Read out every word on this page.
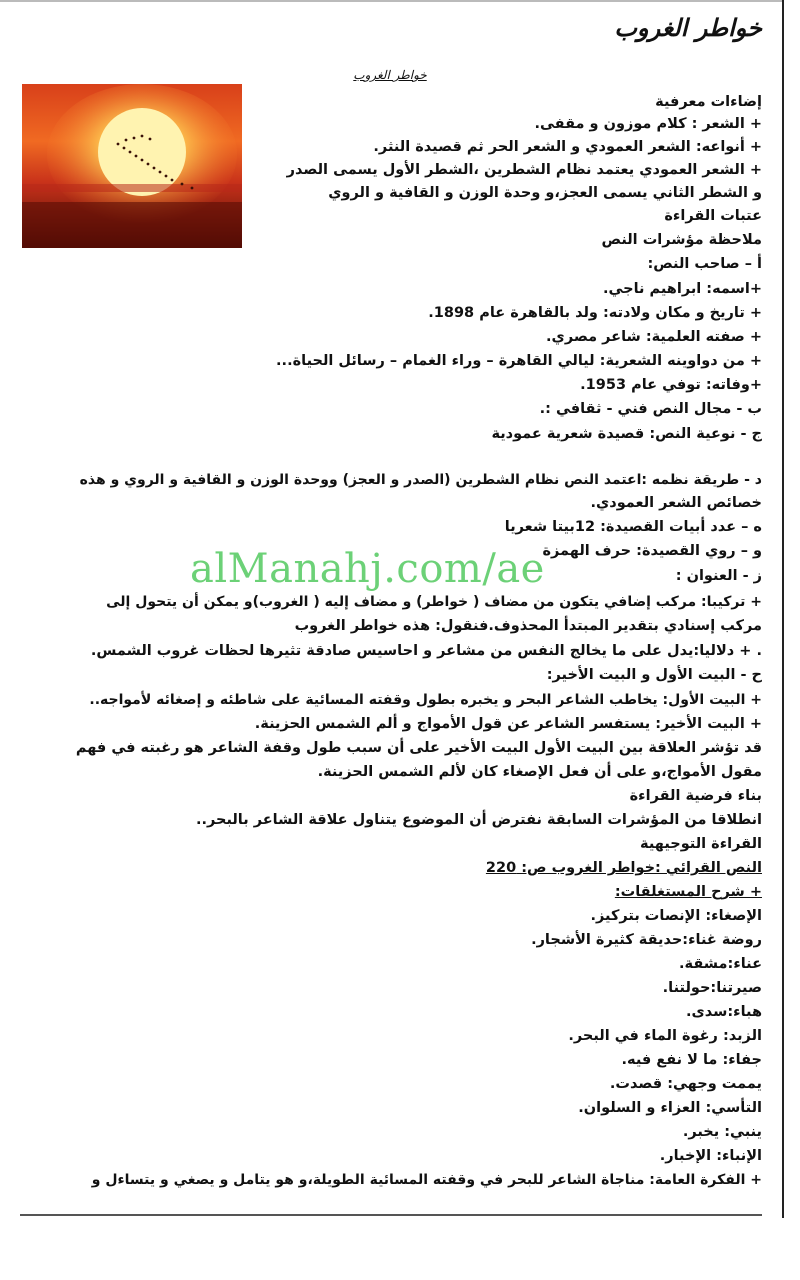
خواطر الغروب
خواطر الغروب
إضاءات معرفية
+ الشعر : كلام موزون و مقفى.
+ أنواعه: الشعر العمودي و الشعر الحر ثم قصيدة النثر.
+ الشعر العمودي يعتمد نظام الشطرين ،الشطر الأول يسمى الصدر
و الشطر الثاني يسمى العجز،و وحدة الوزن و القافية و الروي
عتبات القراءة
ملاحظة مؤشرات النص
أ – صاحب النص:
+اسمه: ابراهيم ناجي.
+ تاريخ و مكان ولادته: ولد بالقاهرة عام 1898.
+ صفته العلمية: شاعر مصري.
+ من دواوينه الشعرية: ليالي القاهرة – وراء الغمام – رسائل الحياة...
+وفاته: توفي عام 1953.
ب - مجال النص فني - ثقافي :.
ج - نوعية النص: قصيدة شعرية عمودية
د - طريقة نظمه :اعتمد النص نظام الشطرين (الصدر و العجز) ووحدة الوزن و القافية و الروي و هذه
خصائص الشعر العمودي.
ه – عدد أبيات القصيدة: 12بيتا شعريا
و – روي القصيدة: حرف الهمزة
ز - العنوان :
+ تركيبا: مركب إضافي يتكون من مضاف ( خواطر) و مضاف إليه ( الغروب)و يمكن أن يتحول إلى
مركب إسنادي بتقدير المبتدأ المحذوف.فنقول: هذه خواطر الغروب
. + دلاليا:يدل على ما يخالج النفس من مشاعر و احاسيس صادقة تثيرها لحظات غروب الشمس.
ح - البيت الأول و البيت الأخير:
+ البيت الأول: يخاطب الشاعر البحر و يخبره بطول وقفته المسائية على شاطئه و إصغائه لأمواجه..
+ البيت الأخير: يستفسر الشاعر عن قول الأمواج و ألم الشمس الحزينة.
قد تؤشر العلاقة بين البيت الأول البيت الأخير على أن سبب طول وقفة الشاعر هو رغبته في فهم
مقول الأمواج،و على أن فعل الإصغاء كان لألم الشمس الحزينة.
بناء فرضية القراءة
انطلاقا من المؤشرات السابقة نفترض أن الموضوع يتناول علاقة الشاعر بالبحر..
القراءة التوجيهية
النص القرائي :خواطر الغروب ص: 220
+ شرح المستغلقات:
الإصغاء: الإنصات بتركيز.
روضة غناء:حديقة كثيرة الأشجار.
عناء:مشقة.
صيرتنا:حولتنا.
هباء:سدى.
الزبد: رغوة الماء في البحر.
جفاء: ما لا نفع فيه.
يممت وجهي: قصدت.
التأسي: العزاء و السلوان.
ينبي: يخبر.
الإنباء: الإخبار.
+ الفكرة العامة: مناجاة الشاعر للبحر في وقفته المسائية الطويلة،و هو يتامل و يصغي و يتساءل و
alManahj.com/ae
